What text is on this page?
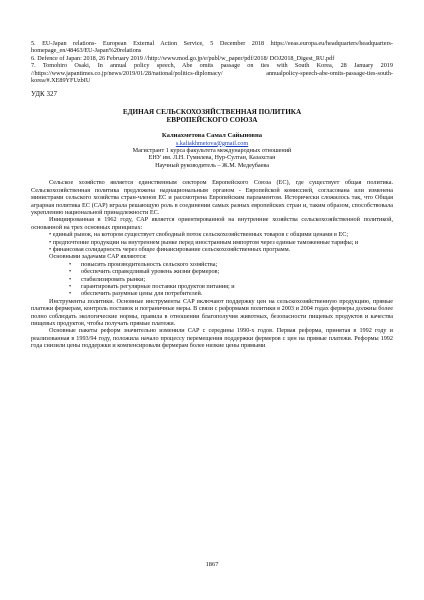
5. EU-Japan relations- European External Action Service, 5 December 2018 https://eeas.europa.eu/headquarters/headquarters-homepage_en/48463/EU-Japan%20relations

6. Defence of Japan: 2018, 26 February 2019 //http://www.mod.go.jp/e/publ/w_paper/pdf/2018/ DOJ2018_Digest_RU.pdf

7. Tomohiro Osaki, In annual policy speech, Abe omits passage on ties with South Korea, 28 January 2019 //https://www.japantimes.co.jp/news/2019/01/28/national/politics-diplomacy/ annualpolicy-speech-abe-omits-passage-ties-south-korea/#.XE89YFUzbIU

УДК 327
ЕДИНАЯ СЕЛЬСКОХОЗЯЙСТВЕННАЯ ПОЛИТИКА
ЕВРОПЕЙСКОГО СОЮЗА
Калиахметова Самал Сайыновна
s.kaliakhmetova@gmail.com
Магистрант 1 курса факультета международных отношений
ЕНУ им. Л.Н. Гумилева, Нур-Султан, Казахстан
Научный руководитель – Ж.М. Медеубаева

Сельское хозяйство является единственным сектором Европейского Союза (ЕС), где существует общая политика. Сельскохозяйственная политика предложена наднациональным органом - Европейской комиссией, согласована или изменена министрами сельского хозяйства стран-членов ЕС и рассмотрена Европейским парламентом. Исторически сложилось так, что Общая аграрная политика ЕС (САР) играла решающую роль в соединении самых разных европейских стран и, таким образом, способствовала укреплению национальной принадлежности ЕС.

Инициированная в 1962 году, САР является ориентированной на внутренние хозяйства сельскохозяйственной политикой, основанной на трех основных принципах:

• единый рынок, на котором существует свободный поток сельскохозяйственных товаров с общими ценами в ЕС;

• предпочтение продукции на внутреннем рынке перед иностранным импортом через единые таможенные тарифы; и

• финансовая солидарность через общее финансирование сельскохозяйственных программ.

Основными задачами САР являются:

• повысить производительность сельского хозяйства;
• обеспечить справедливый уровень жизни фермеров;
• стабилизировать рынки;
• гарантировать регулярные поставки продуктов питания; и
• обеспечить разумные цены для потребителей.

Инструменты политики. Основные инструменты САР включают поддержку цен на сельскохозяйственную продукцию, прямые платежи фермерам, контроль поставок и пограничные меры. В связи с реформами политики в 2003 и 2004 годах фермеры должны более полно соблюдать экологические нормы, правила в отношении благополучия животных, безопасности пищевых продуктов и качества пищевых продуктов, чтобы получать прямые платежи.

Основные пакеты реформ значительно изменили САР с середины 1990-х годов. Первая реформа, принятая в 1992 году и реализованная в 1993/94 году, положила начало процессу перемещения поддержки фермеров с цен на прямые платежи. Реформы 1992 года снизили цены поддержки и компенсировали фермерам более низкие цены прямыми

1867
